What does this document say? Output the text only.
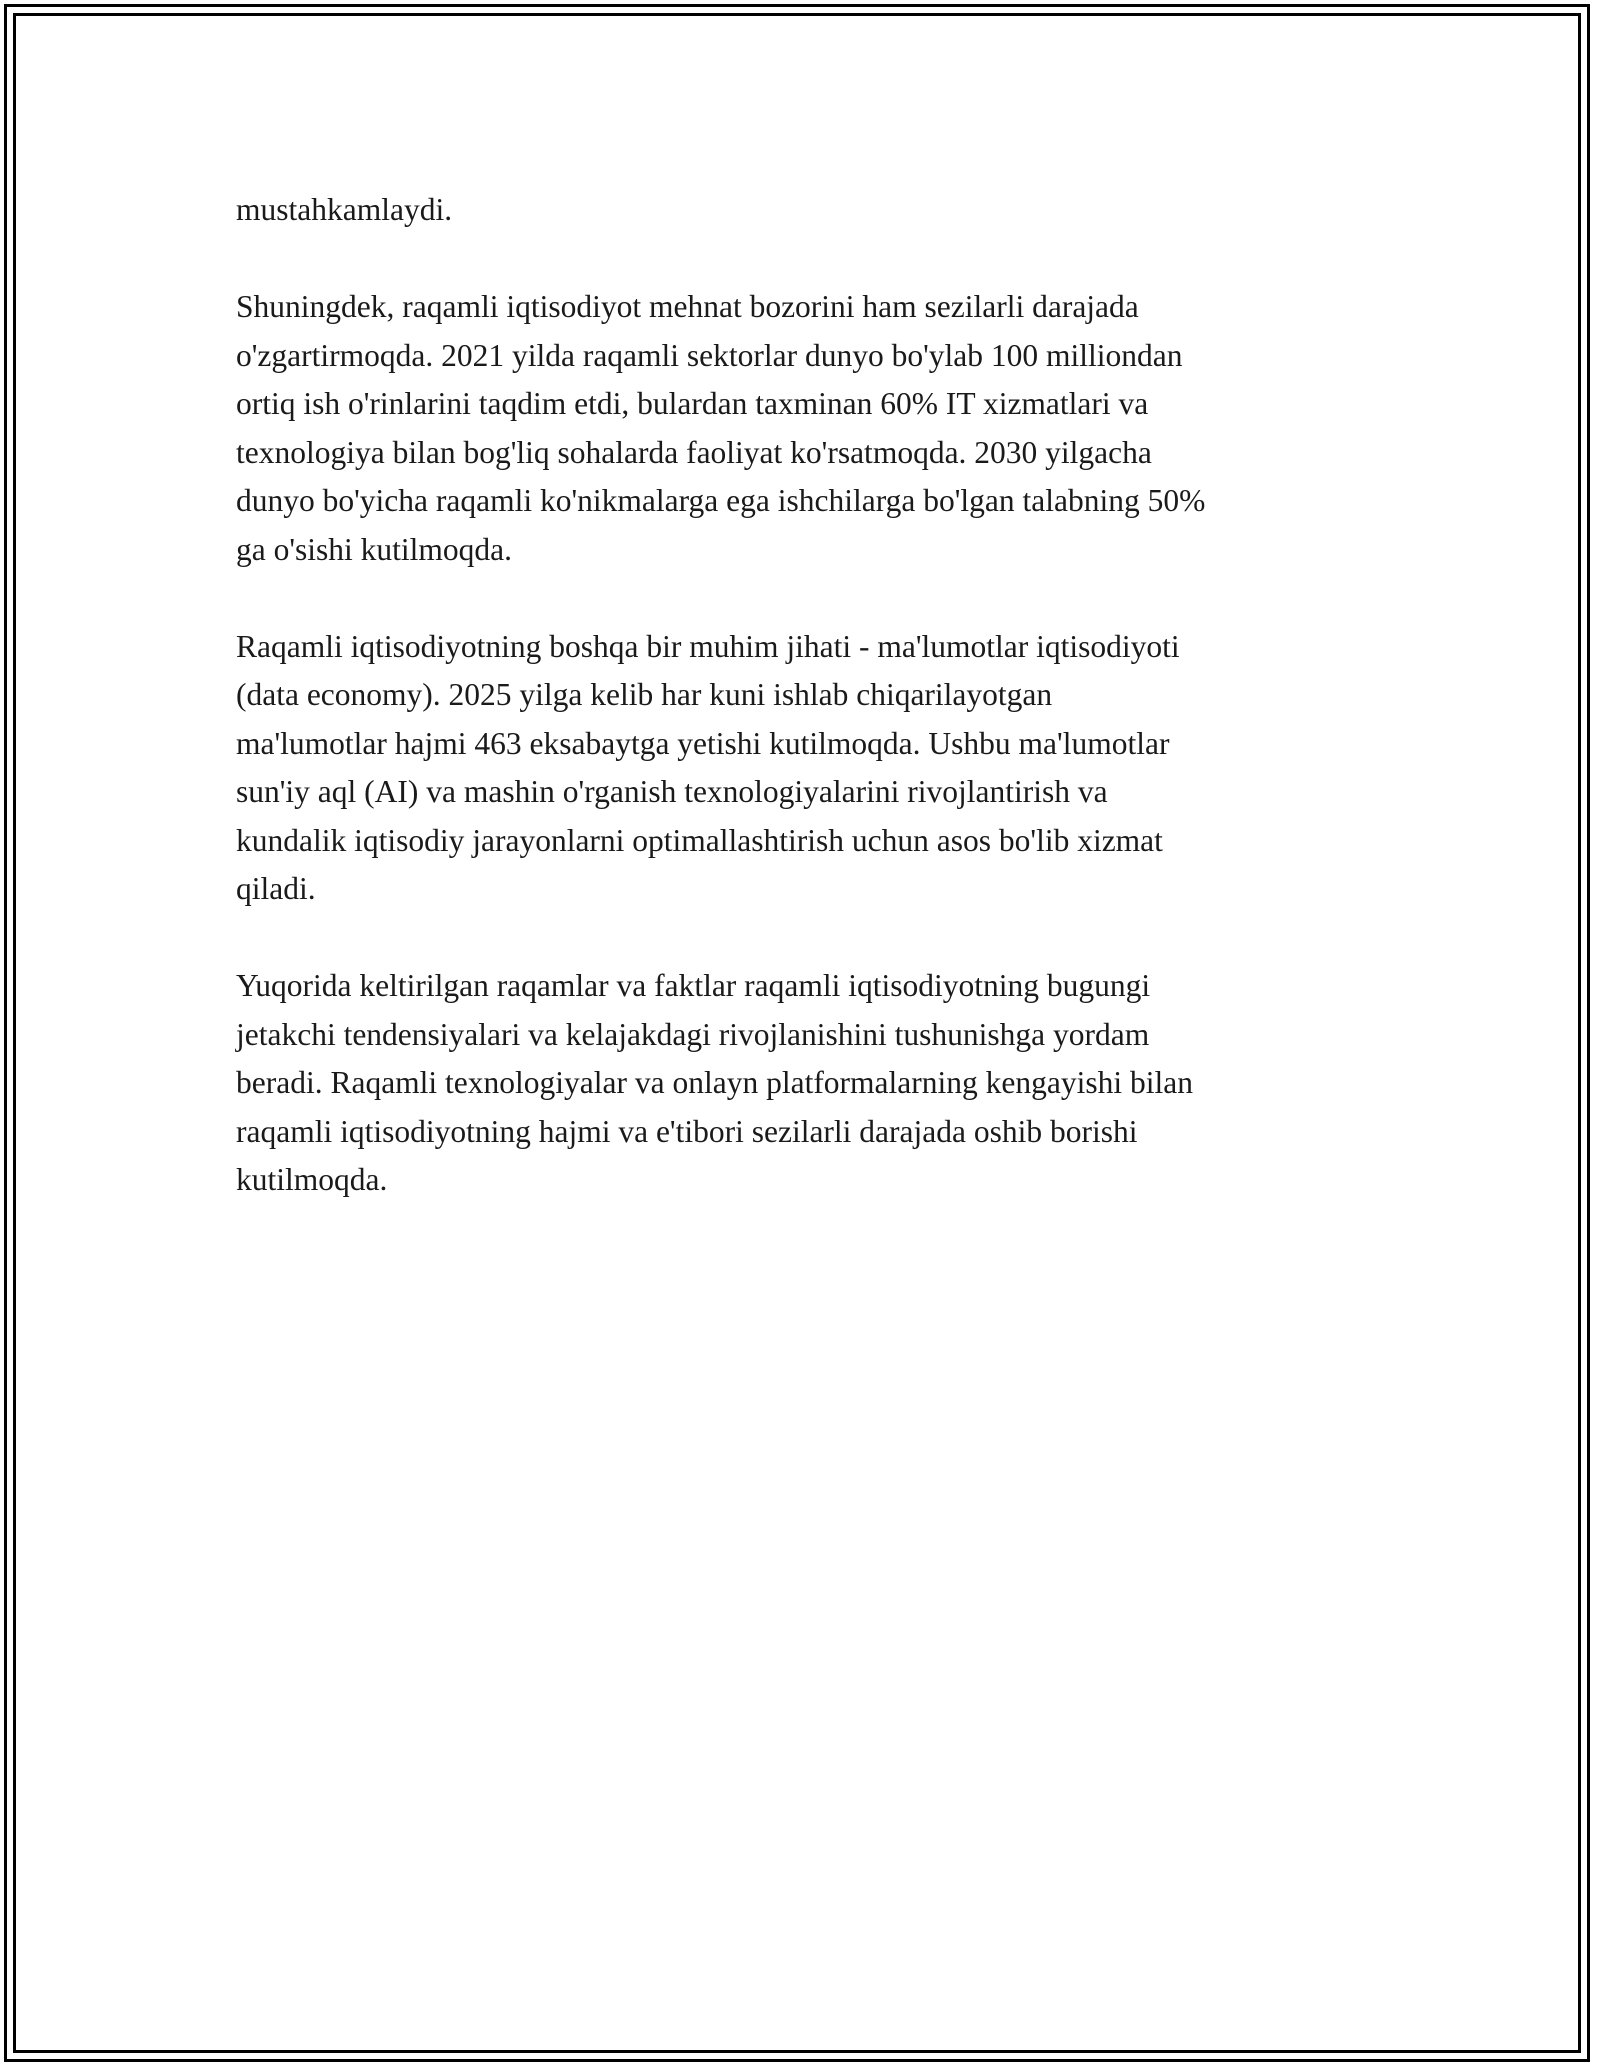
mustahkamlaydi.

Shuningdek, raqamli iqtisodiyot mehnat bozorini ham sezilarli darajada
o'zgartirmoqda. 2021 yilda raqamli sektorlar dunyo bo'ylab 100 milliondan
ortiq ish o'rinlarini taqdim etdi, bulardan taxminan 60% IT xizmatlari va
texnologiya bilan bog'liq sohalarda faoliyat ko'rsatmoqda. 2030 yilgacha
dunyo bo'yicha raqamli ko'nikmalarga ega ishchilarga bo'lgan talabning 50%
ga o'sishi kutilmoqda.

Raqamli iqtisodiyotning boshqa bir muhim jihati - ma'lumotlar iqtisodiyoti
(data economy). 2025 yilga kelib har kuni ishlab chiqarilayotgan
ma'lumotlar hajmi 463 eksabaytga yetishi kutilmoqda. Ushbu ma'lumotlar
sun'iy aql (AI) va mashin o'rganish texnologiyalarini rivojlantirish va
kundalik iqtisodiy jarayonlarni optimallashtirish uchun asos bo'lib xizmat
qiladi.

Yuqorida keltirilgan raqamlar va faktlar raqamli iqtisodiyotning bugungi
jetakchi tendensiyalari va kelajakdagi rivojlanishini tushunishga yordam
beradi. Raqamli texnologiyalar va onlayn platformalarning kengayishi bilan
raqamli iqtisodiyotning hajmi va e'tibori sezilarli darajada oshib borishi
kutilmoqda.
